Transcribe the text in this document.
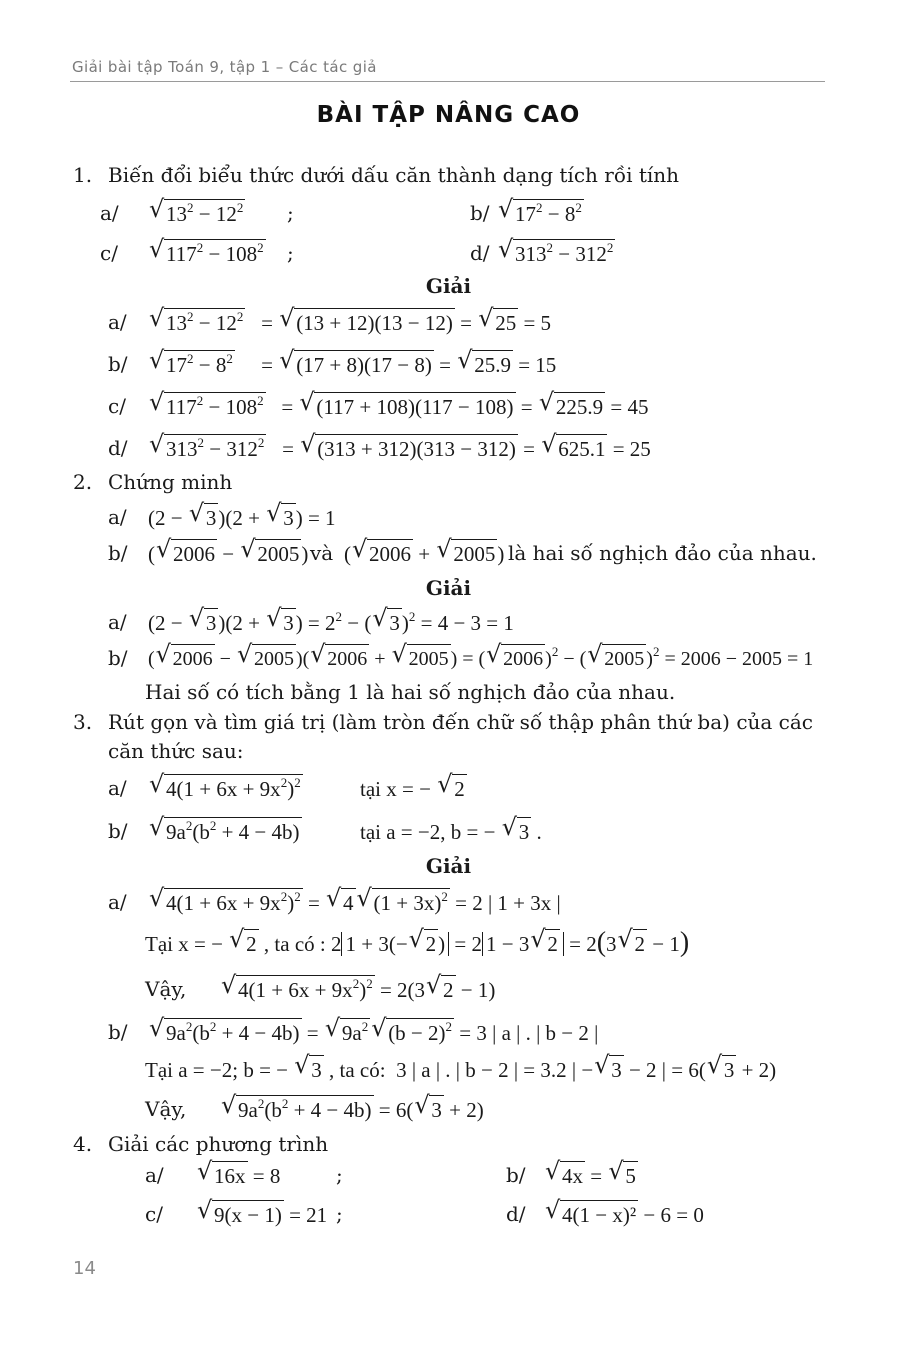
Giải bài tập Toán 9, tập 1 – Các tác giả
BÀI TẬP NÂNG CAO
1. Biến đổi biểu thức dưới dấu căn thành dạng tích rồi tính
a/
√	$13^2 - 12^2$ ;	b/
√	$17^2 - 8^2$
c/
√	$117^2 - 108^2$ ;	d/
√	$313^2 - 312^2$
Giải
a/
√	$13^2 - 12^2$   = √ (13 + 12)(13 − 12) = √ 25 = 5
b/
√	$17^2 - 8^2$     = √ (17 + 8)(17 − 8) = √ 25.9 = 15
c/
√	$117^2 - 108^2$   = √ (117 + 108)(117 − 108) = √ 225.9 = 45
d/
√	$313^2 - 312^2$   = √ (313 + 312)(313 − 312) = √ 625.1 = 25
2. Chứng minh
a/ (2 − √ 3)(2 + √ 3) = 1
b/ (√ 2006 − √ 2005) và (√ 2006 + √ 2005) là hai số nghịch đảo của nhau.
Giải
a/ (2 − √ 3)(2 + √ $3) = 2^2$ − (√ 3)$^2$ = 4 − 3 = 1
b/ (√ 2006 − √ 2005 )(√ 2006 + √ 2005 ) = (√ 2006 )$^2$ − (√ 2005 )$^2$ = 2006 − 2005 = 1
Hai số có tích bằng 1 là hai số nghịch đảo của nhau.
3. Rút gọn và tìm giá trị (làm tròn đến chữ số thập phân thứ ba) của các
căn thức sau:
a/
√	$4(1 + 6x + 9x^2)^2$	tại x = − √ 2
b/
√	$9a^2(b^2 + 4 - 4b)$	tại a = −2, b = − √ 3 .
Giải
a/
√	$4(1 + 6x + 9x^2)^2$ = √ 4√ $(1 + 3x)^2 = 2$ | 1 + 3x |
Tại x = − √ 2 , ta có : 2 1 + 3(−√ 2) = 2 1 − 3√ 2 = 2(3√ 2 − 1)
Vậy,
√	$4(1 + 6x + 9x^2)^2 = 2(3√$ 2 − 1)
b/
√	$9a^2(b^2 + 4 - 4b)$ = √ $9a^2√$ $(b - 2)^2 = 3$ | a | . | b − 2 |
Tại a = −2; b = − √ 3 , ta có: 3 | a | . | b − 2 | = 3.2 | −√ 3 − 2 | = 6(√ 3 + 2)
Vậy,
√	$9a^2(b^2 + 4 - 4b) = 6(√$ 3 + 2)
4. Giải các phương trình
a/
√	16x = 8	;	b/
√	4x = √ 5
c/
√	9(x − 1) = 21 ;	d/
√	4(1 − x)² − 6 = 0
14
